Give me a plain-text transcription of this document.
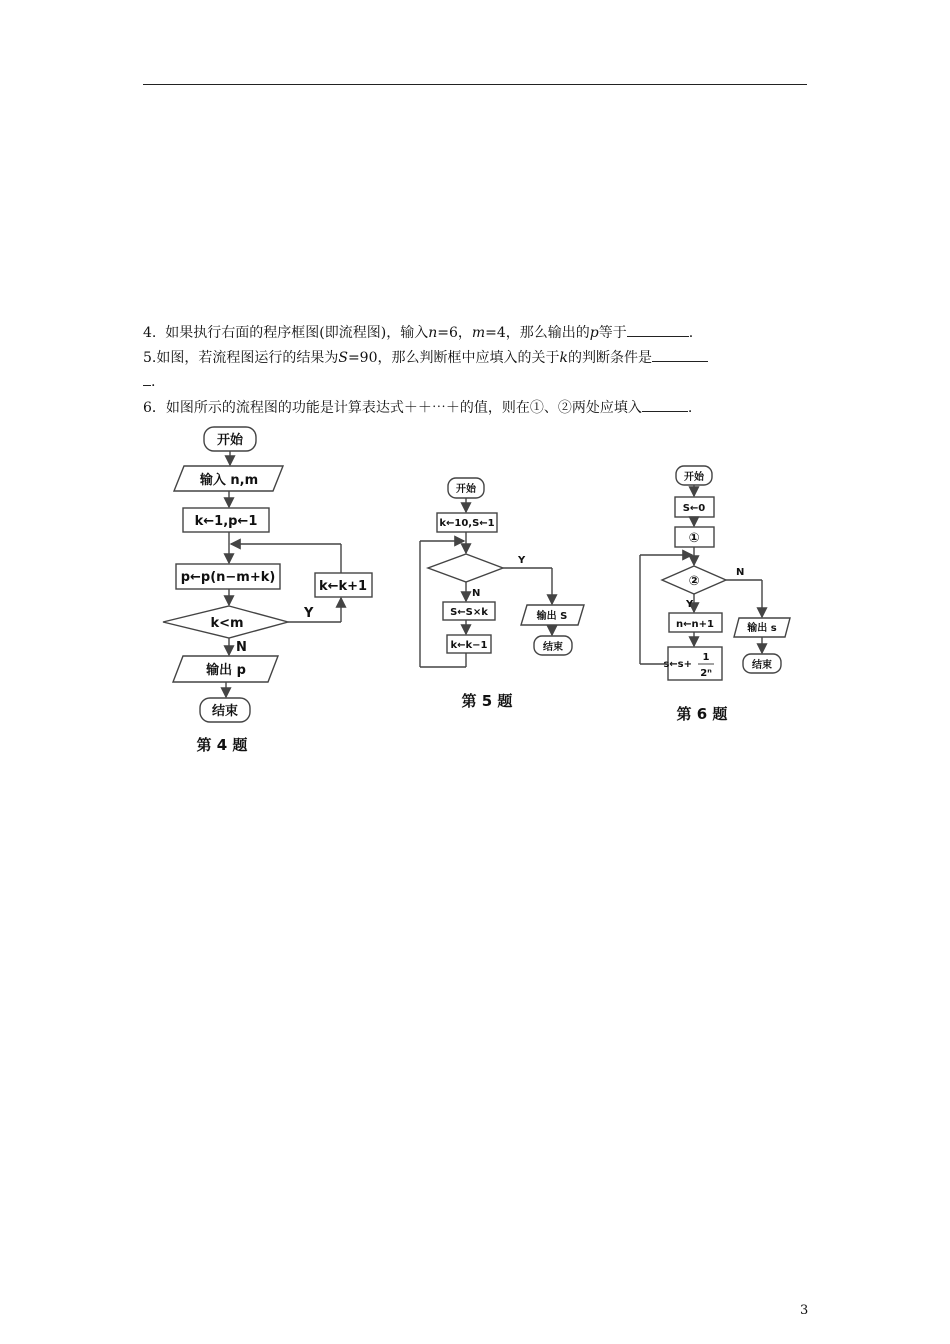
4. 如果执行右面的程序框图(即流程图)，输入n=6，m=4，那么输出的p等于	.
5.如图，若流程图运行的结果为S=90，那么判断框中应填入的关于k的判断条件是
.
6．如图所示的流程图的功能是计算表达式＋＋⋯＋的值，则在①、②两处应填入	.
开始
输入 n,m
k←1,p←1
p←p(n−m+k)
k<m
Y
k←k+1
N
输出 p
结束
第 4 题
开始
k←10,S←1
Y
输出 S
结束
N
S←S×k
k←k−1
第 5 题
开始
S←0
①
②
N
输出 s
结束
Y
n←n+1
s←s+
1
2ⁿ
第 6 题
3
